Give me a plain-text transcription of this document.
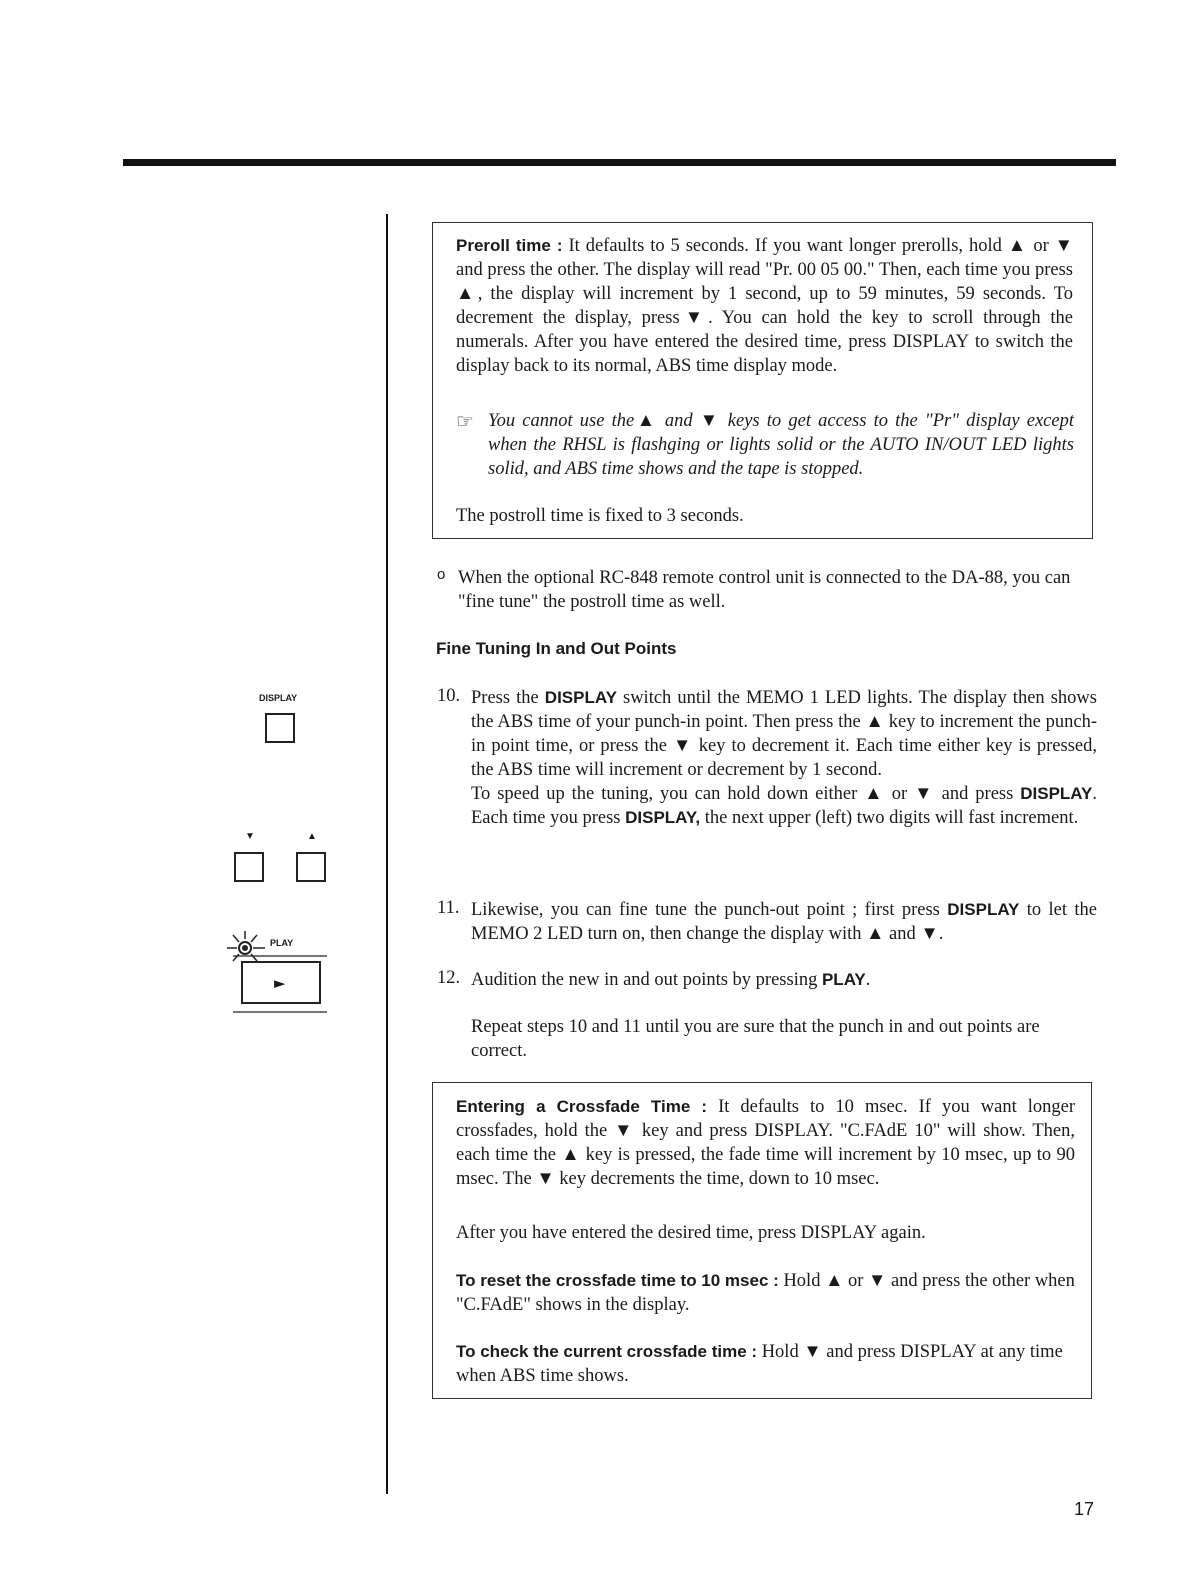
DISPLAY
▼	▲
PLAY
►

Preroll time : It defaults to 5 seconds. If you want longer prerolls, hold ▲ or ▼ and press the other. The display will read "Pr. 00 05 00." Then, each time you press ▲, the display will increment by 1 second, up to 59 minutes, 59 seconds. To decrement the display, press▼. You can hold the key to scroll through the numerals. After you have entered the desired time, press DISPLAY to switch the display back to its normal, ABS time display mode.

☞ You cannot use the▲ and ▼ keys to get access to the "Pr" display except when the RHSL is flashging or lights solid or the AUTO IN/OUT LED lights solid, and ABS time shows and the tape is stopped.

The postroll time is fixed to 3 seconds.

o When the optional RC-848 remote control unit is connected to the DA-88, you can "fine tune" the postroll time as well.

Fine Tuning In and Out Points
10. Press the DISPLAY switch until the MEMO 1 LED lights. The display then shows the ABS time of your punch-in point. Then press the ▲ key to increment the punch-in point time, or press the ▼ key to decrement it. Each time either key is pressed, the ABS time will increment or decrement by 1 second.

To speed up the tuning, you can hold down either ▲ or ▼ and press DISPLAY. Each time you press DISPLAY, the next upper (left) two digits will fast increment.

11. Likewise, you can fine tune the punch-out point ; first press DISPLAY to let the MEMO 2 LED turn on, then change the display with ▲ and ▼.

12. Audition the new in and out points by pressing PLAY.

Repeat steps 10 and 11 until you are sure that the punch in and out points are correct.

Entering a Crossfade Time : It defaults to 10 msec. If you want longer crossfades, hold the ▼ key and press DISPLAY. "C.FAdE 10" will show. Then, each time the ▲ key is pressed, the fade time will increment by 10 msec, up to 90 msec. The ▼ key decrements the time, down to 10 msec.

After you have entered the desired time, press DISPLAY again.

To reset the crossfade time to 10 msec : Hold ▲ or ▼ and press the other when "C.FAdE" shows in the display.

To check the current crossfade time : Hold ▼ and press DISPLAY at any time when ABS time shows.

17
